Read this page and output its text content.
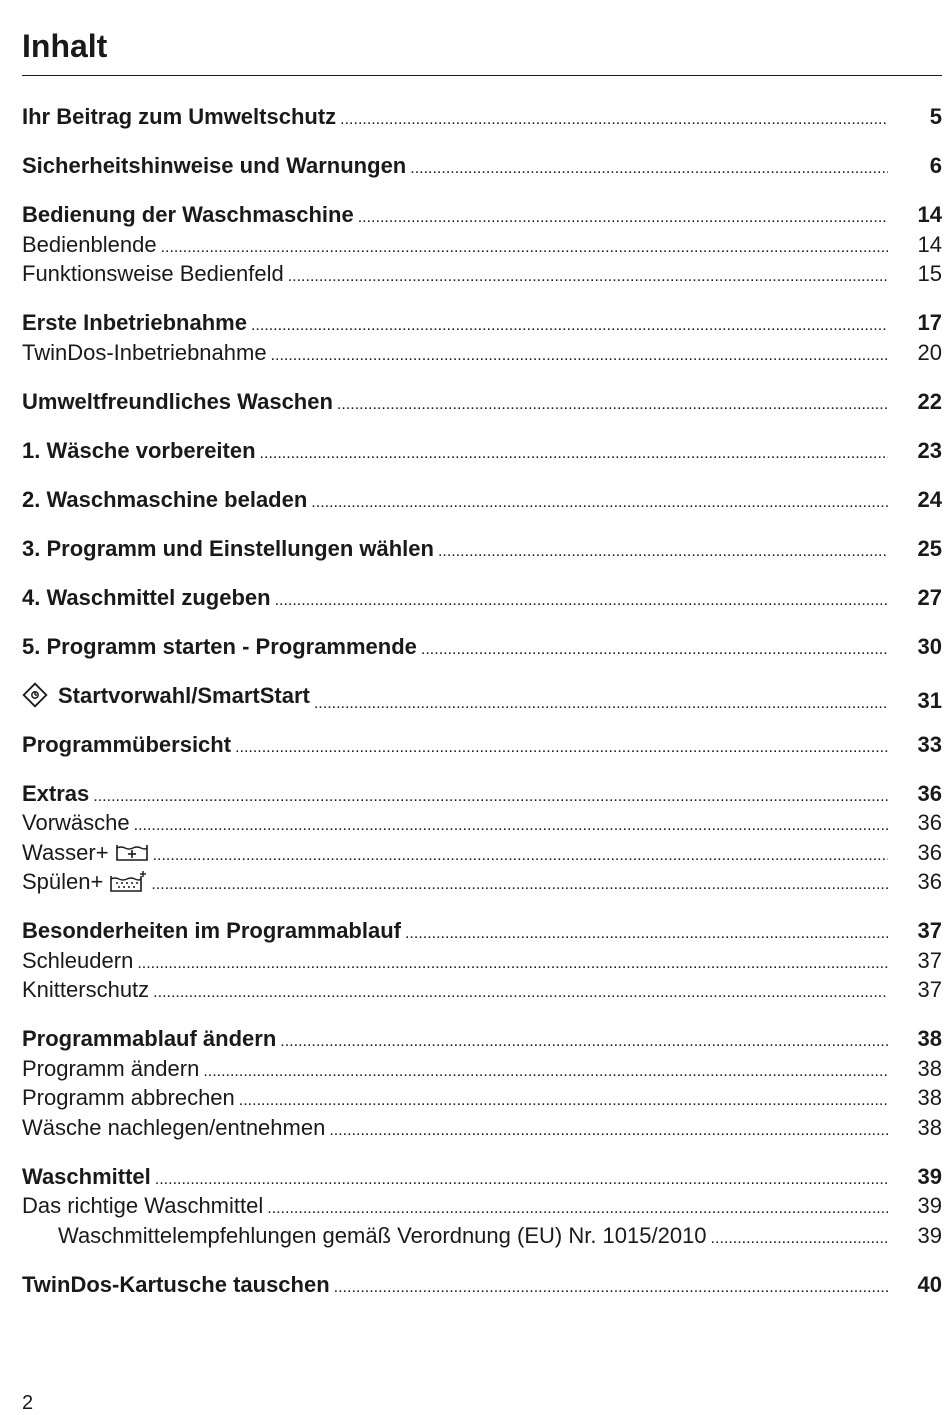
Inhalt
Ihr Beitrag zum Umweltschutz .....	5
Sicherheitshinweise und Warnungen .....	6
Bedienung der Waschmaschine .....	14
Bedienblende .....	14
Funktionsweise Bedienfeld .....	15
Erste Inbetriebnahme .....	17
TwinDos-Inbetriebnahme .....	20
Umweltfreundliches Waschen .....	22
1. Wäsche vorbereiten .....	23
2. Waschmaschine beladen .....	24
3. Programm und Einstellungen wählen .....	25
4. Waschmittel zugeben .....	27
5. Programm starten - Programmende .....	30
Startvorwahl/SmartStart .....	31
Programmübersicht .....	33
Extras .....	36
Vorwäsche .....	36
Wasser+ .....	36
Spülen+ .....	36
Besonderheiten im Programmablauf .....	37
Schleudern .....	37
Knitterschutz .....	37
Programmablauf ändern .....	38
Programm ändern .....	38
Programm abbrechen .....	38
Wäsche nachlegen/entnehmen .....	38
Waschmittel .....	39
Das richtige Waschmittel .....	39
Waschmittelempfehlungen gemäß Verordnung (EU) Nr. 1015/2010 .....	39
TwinDos-Kartusche tauschen .....	40
2
